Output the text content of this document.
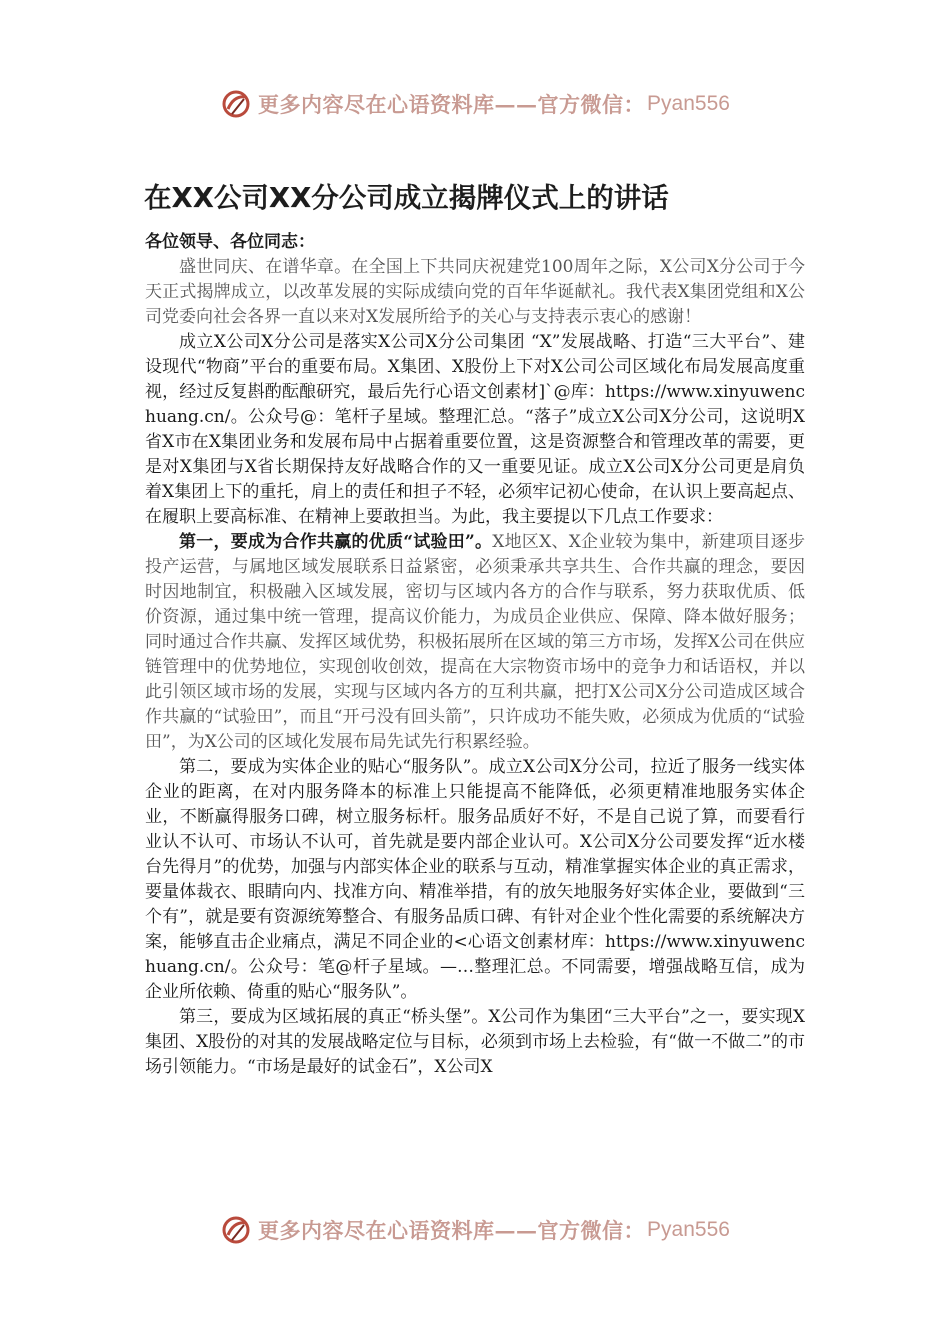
更多内容尽在心语资料库——官方微信： Pyan556
在XX公司XX分公司成立揭牌仪式上的讲话

各位领导、各位同志：

盛世同庆、在谱华章。在全国上下共同庆祝建党100周年之际，X公司X分公司于今天正式揭牌成立，以改革发展的实际成绩向党的百年华诞献礼。我代表X集团党组和X公司党委向社会各界一直以来对X发展所给予的关心与支持表示衷心的感谢！

成立X公司X分公司是落实X公司X分公司集团 “X”发展战略、打造“三大平台”、建设现代“物商”平台的重要布局。X集团、X股份上下对X公司公司区域化布局发展高度重视，经过反复斟酌酝酿研究，最后先行心语文创素材]`@库：https://www.xinyuwenchuang.cn/。公众号@：笔杆子星域。整理汇总。“落子”成立X公司X分公司，这说明X省X市在X集团业务和发展布局中占据着重要位置，这是资源整合和管理改革的需要，更是对X集团与X省长期保持友好战略合作的又一重要见证。成立X公司X分公司更是肩负着X集团上下的重托，肩上的责任和担子不轻，必须牢记初心使命，在认识上要高起点、在履职上要高标准、在精神上要敢担当。为此，我主要提以下几点工作要求：

第一，要成为合作共赢的优质“试验田”。X地区X、X企业较为集中，新建项目逐步投产运营，与属地区域发展联系日益紧密，必须秉承共享共生、合作共赢的理念，要因时因地制宜，积极融入区域发展，密切与区域内各方的合作与联系，努力获取优质、低价资源，通过集中统一管理，提高议价能力，为成员企业供应、保障、降本做好服务；同时通过合作共赢、发挥区域优势，积极拓展所在区域的第三方市场，发挥X公司在供应链管理中的优势地位，实现创收创效，提高在大宗物资市场中的竞争力和话语权，并以此引领区域市场的发展，实现与区域内各方的互利共赢，把打X公司X分公司造成区域合作共赢的“试验田”，而且“开弓没有回头箭”，只许成功不能失败，必须成为优质的“试验田”，为X公司的区域化发展布局先试先行积累经验。

第二，要成为实体企业的贴心“服务队”。成立X公司X分公司，拉近了服务一线实体企业的距离，在对内服务降本的标准上只能提高不能降低，必须更精准地服务实体企业，不断赢得服务口碑，树立服务标杆。服务品质好不好，不是自己说了算，而要看行业认不认可、市场认不认可，首先就是要内部企业认可。X公司X分公司要发挥“近水楼台先得月”的优势，加强与内部实体企业的联系与互动，精准掌握实体企业的真正需求，要量体裁衣、眼睛向内、找准方向、精准举措，有的放矢地服务好实体企业，要做到“三个有”，就是要有资源统筹整合、有服务品质口碑、有针对企业个性化需要的系统解决方案，能够直击企业痛点，满足不同企业的<心语文创素材库：https://www.xinyuwenchuang.cn/。公众号：笔@杆子星域。—…整理汇总。不同需要，增强战略互信，成为企业所依赖、倚重的贴心“服务队”。

第三，要成为区域拓展的真正“桥头堡”。X公司作为集团“三大平台”之一，要实现X集团、X股份的对其的发展战略定位与目标，必须到市场上去检验，有“做一不做二”的市场引领能力。“市场是最好的试金石”，X公司X

更多内容尽在心语资料库——官方微信： Pyan556
